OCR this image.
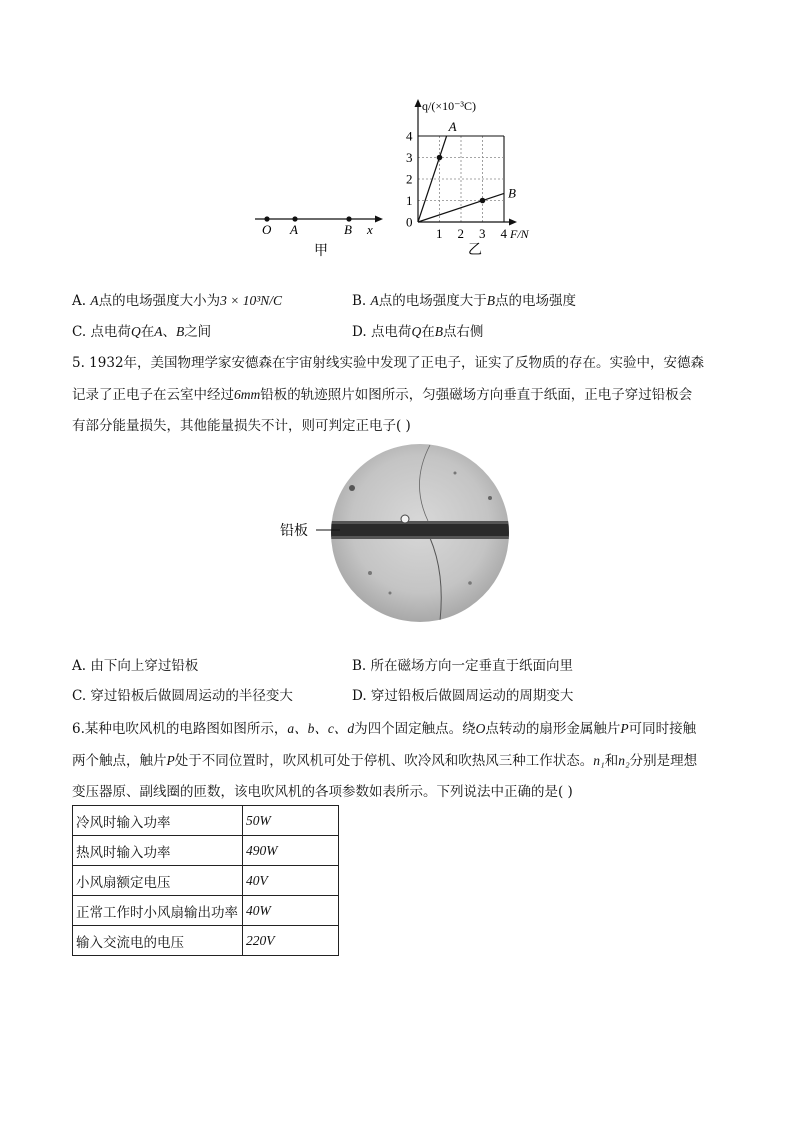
O A	B x
甲
1 2 3 4
0
1
2
3
4
A
B
q/(×10⁻³C)
F/N
乙
A. A点的电场强度大小为3 × 10³N/C	B. A点的电场强度大于B点的电场强度
C. 点电荷Q在A、B之间	D. 点电荷Q在B点右侧
5. 1932年，美国物理学家安德森在宇宙射线实验中发现了正电子，证实了反物质的存在。实验中，安德森
记录了正电子在云室中经过6mm铅板的轨迹照片如图所示，匀强磁场方向垂直于纸面，正电子穿过铅板会
有部分能量损失，其他能量损失不计，则可判定正电子( )
铅板
A. 由下向上穿过铅板	B. 所在磁场方向一定垂直于纸面向里
C. 穿过铅板后做圆周运动的半径变大	D. 穿过铅板后做圆周运动的周期变大
6.某种电吹风机的电路图如图所示，a、b、c、d为四个固定触点。绕O点转动的扇形金属触片P可同时接触
两个触点，触片P处于不同位置时，吹风机可处于停机、吹冷风和吹热风三种工作状态。n₁和n₂分别是理想
变压器原、副线圈的匝数，该电吹风机的各项参数如表所示。下列说法中正确的是( )
冷风时输入功率	50W
热风时输入功率	490W
小风扇额定电压	40V
正常工作时小风扇输出功率	40W
输入交流电的电压	220V
